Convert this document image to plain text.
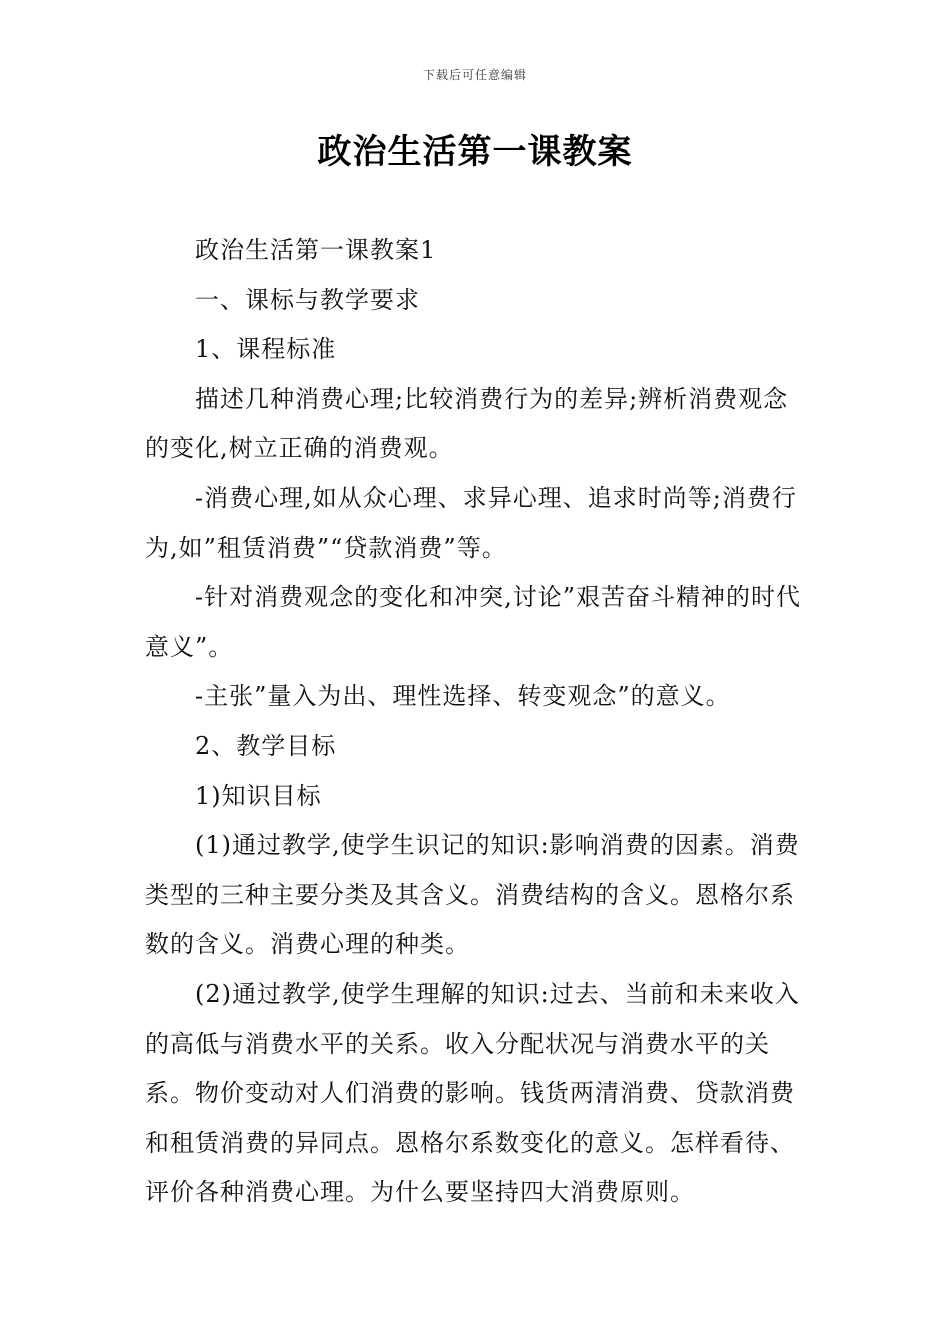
下载后可任意编辑
政治生活第一课教案

政治生活第一课教案1

一、课标与教学要求

1、课程标准

描述几种消费心理;比较消费行为的差异;辨析消费观念的变化,树立正确的消费观。

-消费心理,如从众心理、求异心理、追求时尚等;消费行为,如”租赁消费”“贷款消费”等。

-针对消费观念的变化和冲突,讨论”艰苦奋斗精神的时代意义”。

-主张”量入为出、理性选择、转变观念”的意义。

2、教学目标

1)知识目标

(1)通过教学,使学生识记的知识:影响消费的因素。消费类型的三种主要分类及其含义。消费结构的含义。恩格尔系数的含义。消费心理的种类。

(2)通过教学,使学生理解的知识:过去、当前和未来收入的高低与消费水平的关系。收入分配状况与消费水平的关系。物价变动对人们消费的影响。钱货两清消费、贷款消费和租赁消费的异同点。恩格尔系数变化的意义。怎样看待、评价各种消费心理。为什么要坚持四大消费原则。
